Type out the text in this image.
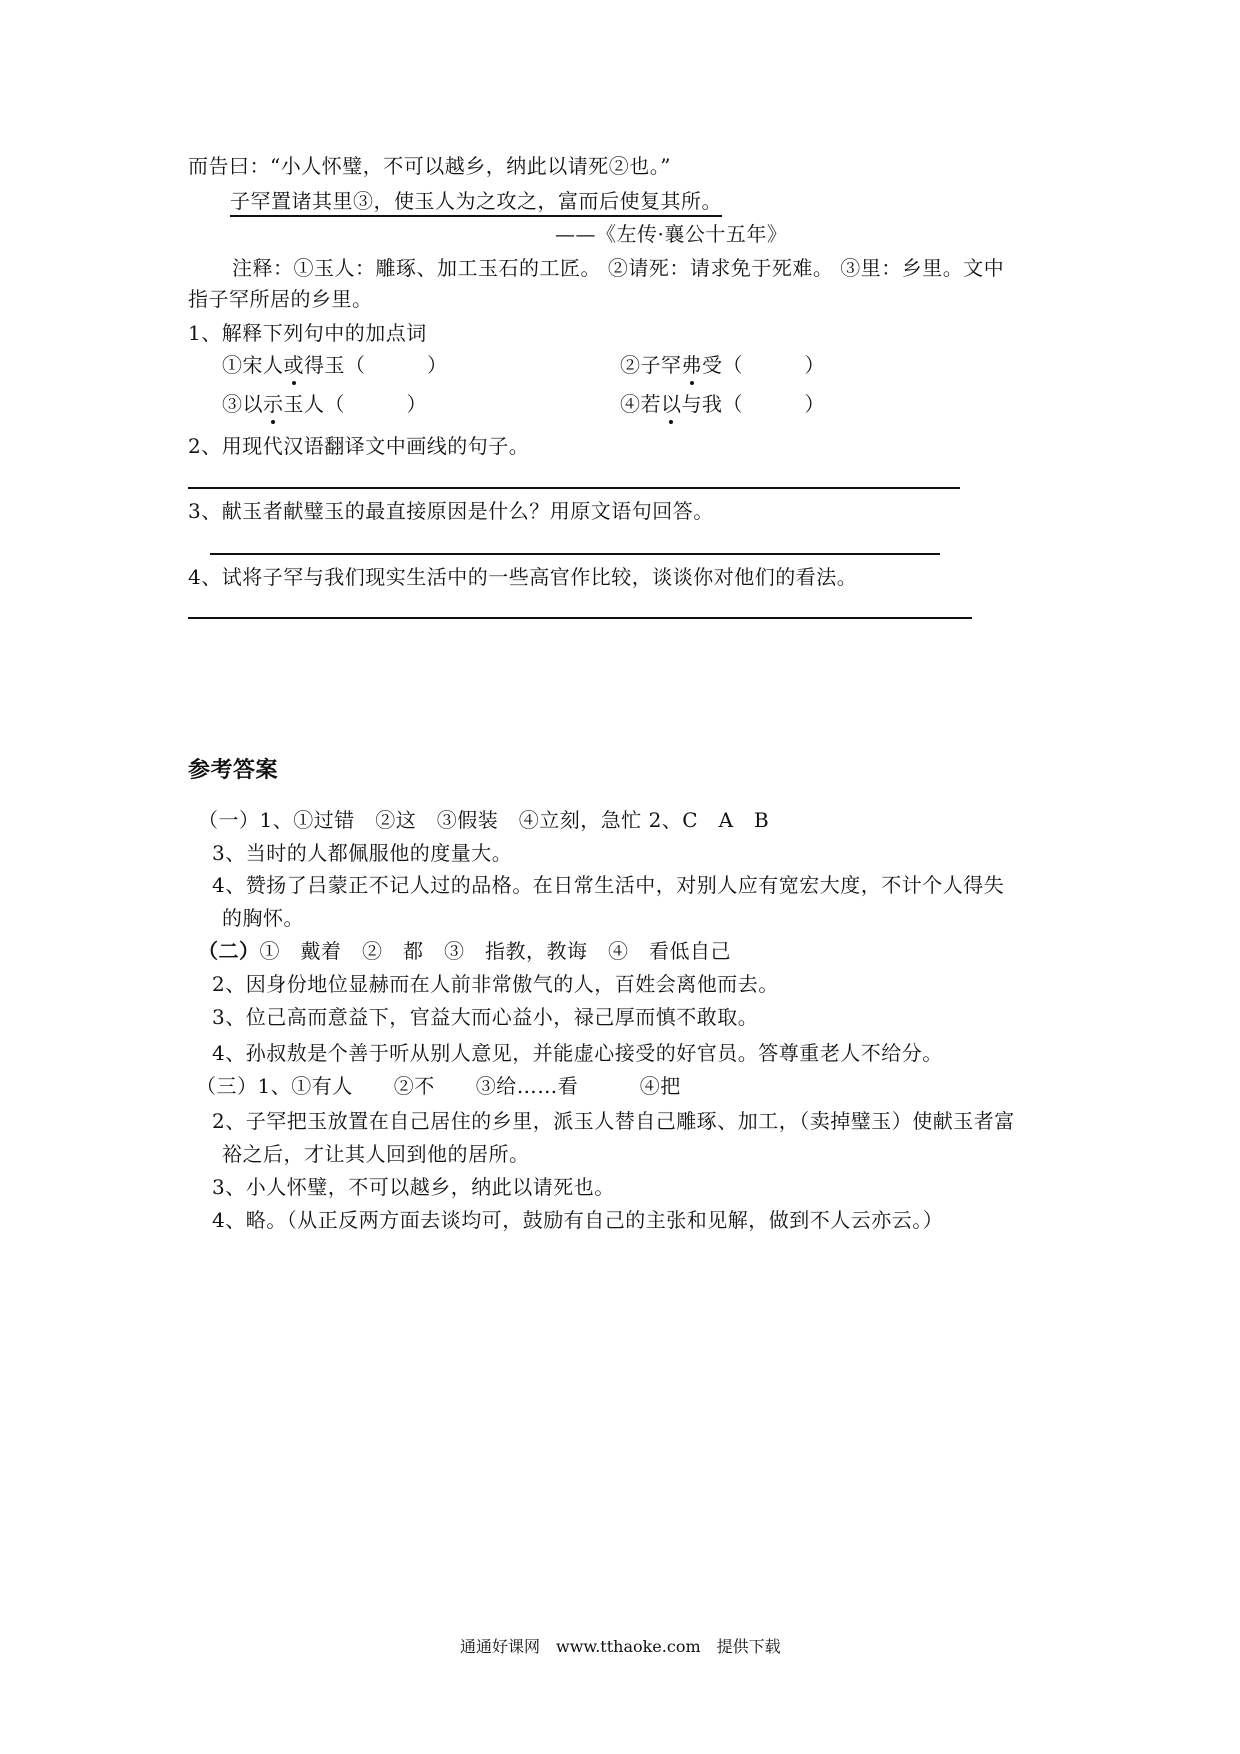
而告曰：“小人怀璧，不可以越乡，纳此以请死②也。”
子罕置诸其里③，使玉人为之攻之，富而后使复其所。
——《左传·襄公十五年》
注释：①玉人：雕琢、加工玉石的工匠。 ②请死：请求免于死难。 ③里：乡里。文中
指子罕所居的乡里。
1、解释下列句中的加点词
①宋人或得玉（　　　）	②子罕弗受（　　　）
③以示玉人（　　　）	④若以与我（　　　）
2、用现代汉语翻译文中画线的句子。
3、献玉者献璧玉的最直接原因是什么？用原文语句回答。
4、试将子罕与我们现实生活中的一些高官作比较，谈谈你对他们的看法。
参考答案
（一）1、①过错　②这　③假装　④立刻，急忙 2、C　A　B
3、当时的人都佩服他的度量大。
4、赞扬了吕蒙正不记人过的品格。在日常生活中，对别人应有宽宏大度，不计个人得失
的胸怀。
（二）①　戴着　②　都　③　指教，教诲　④　看低自己
2、因身份地位显赫而在人前非常傲气的人，百姓会离他而去。
3、位己高而意益下，官益大而心益小，禄己厚而慎不敢取。
4、孙叔敖是个善于听从别人意见，并能虚心接受的好官员。答尊重老人不给分。
（三）1、①有人　　②不　　③给……看　　　④把
2、子罕把玉放置在自己居住的乡里，派玉人替自己雕琢、加工，（卖掉璧玉）使献玉者富
裕之后，才让其人回到他的居所。
3、小人怀璧，不可以越乡，纳此以请死也。
4、略。（从正反两方面去谈均可，鼓励有自己的主张和见解，做到不人云亦云。）
通通好课网　www.tthaoke.com　提供下载
